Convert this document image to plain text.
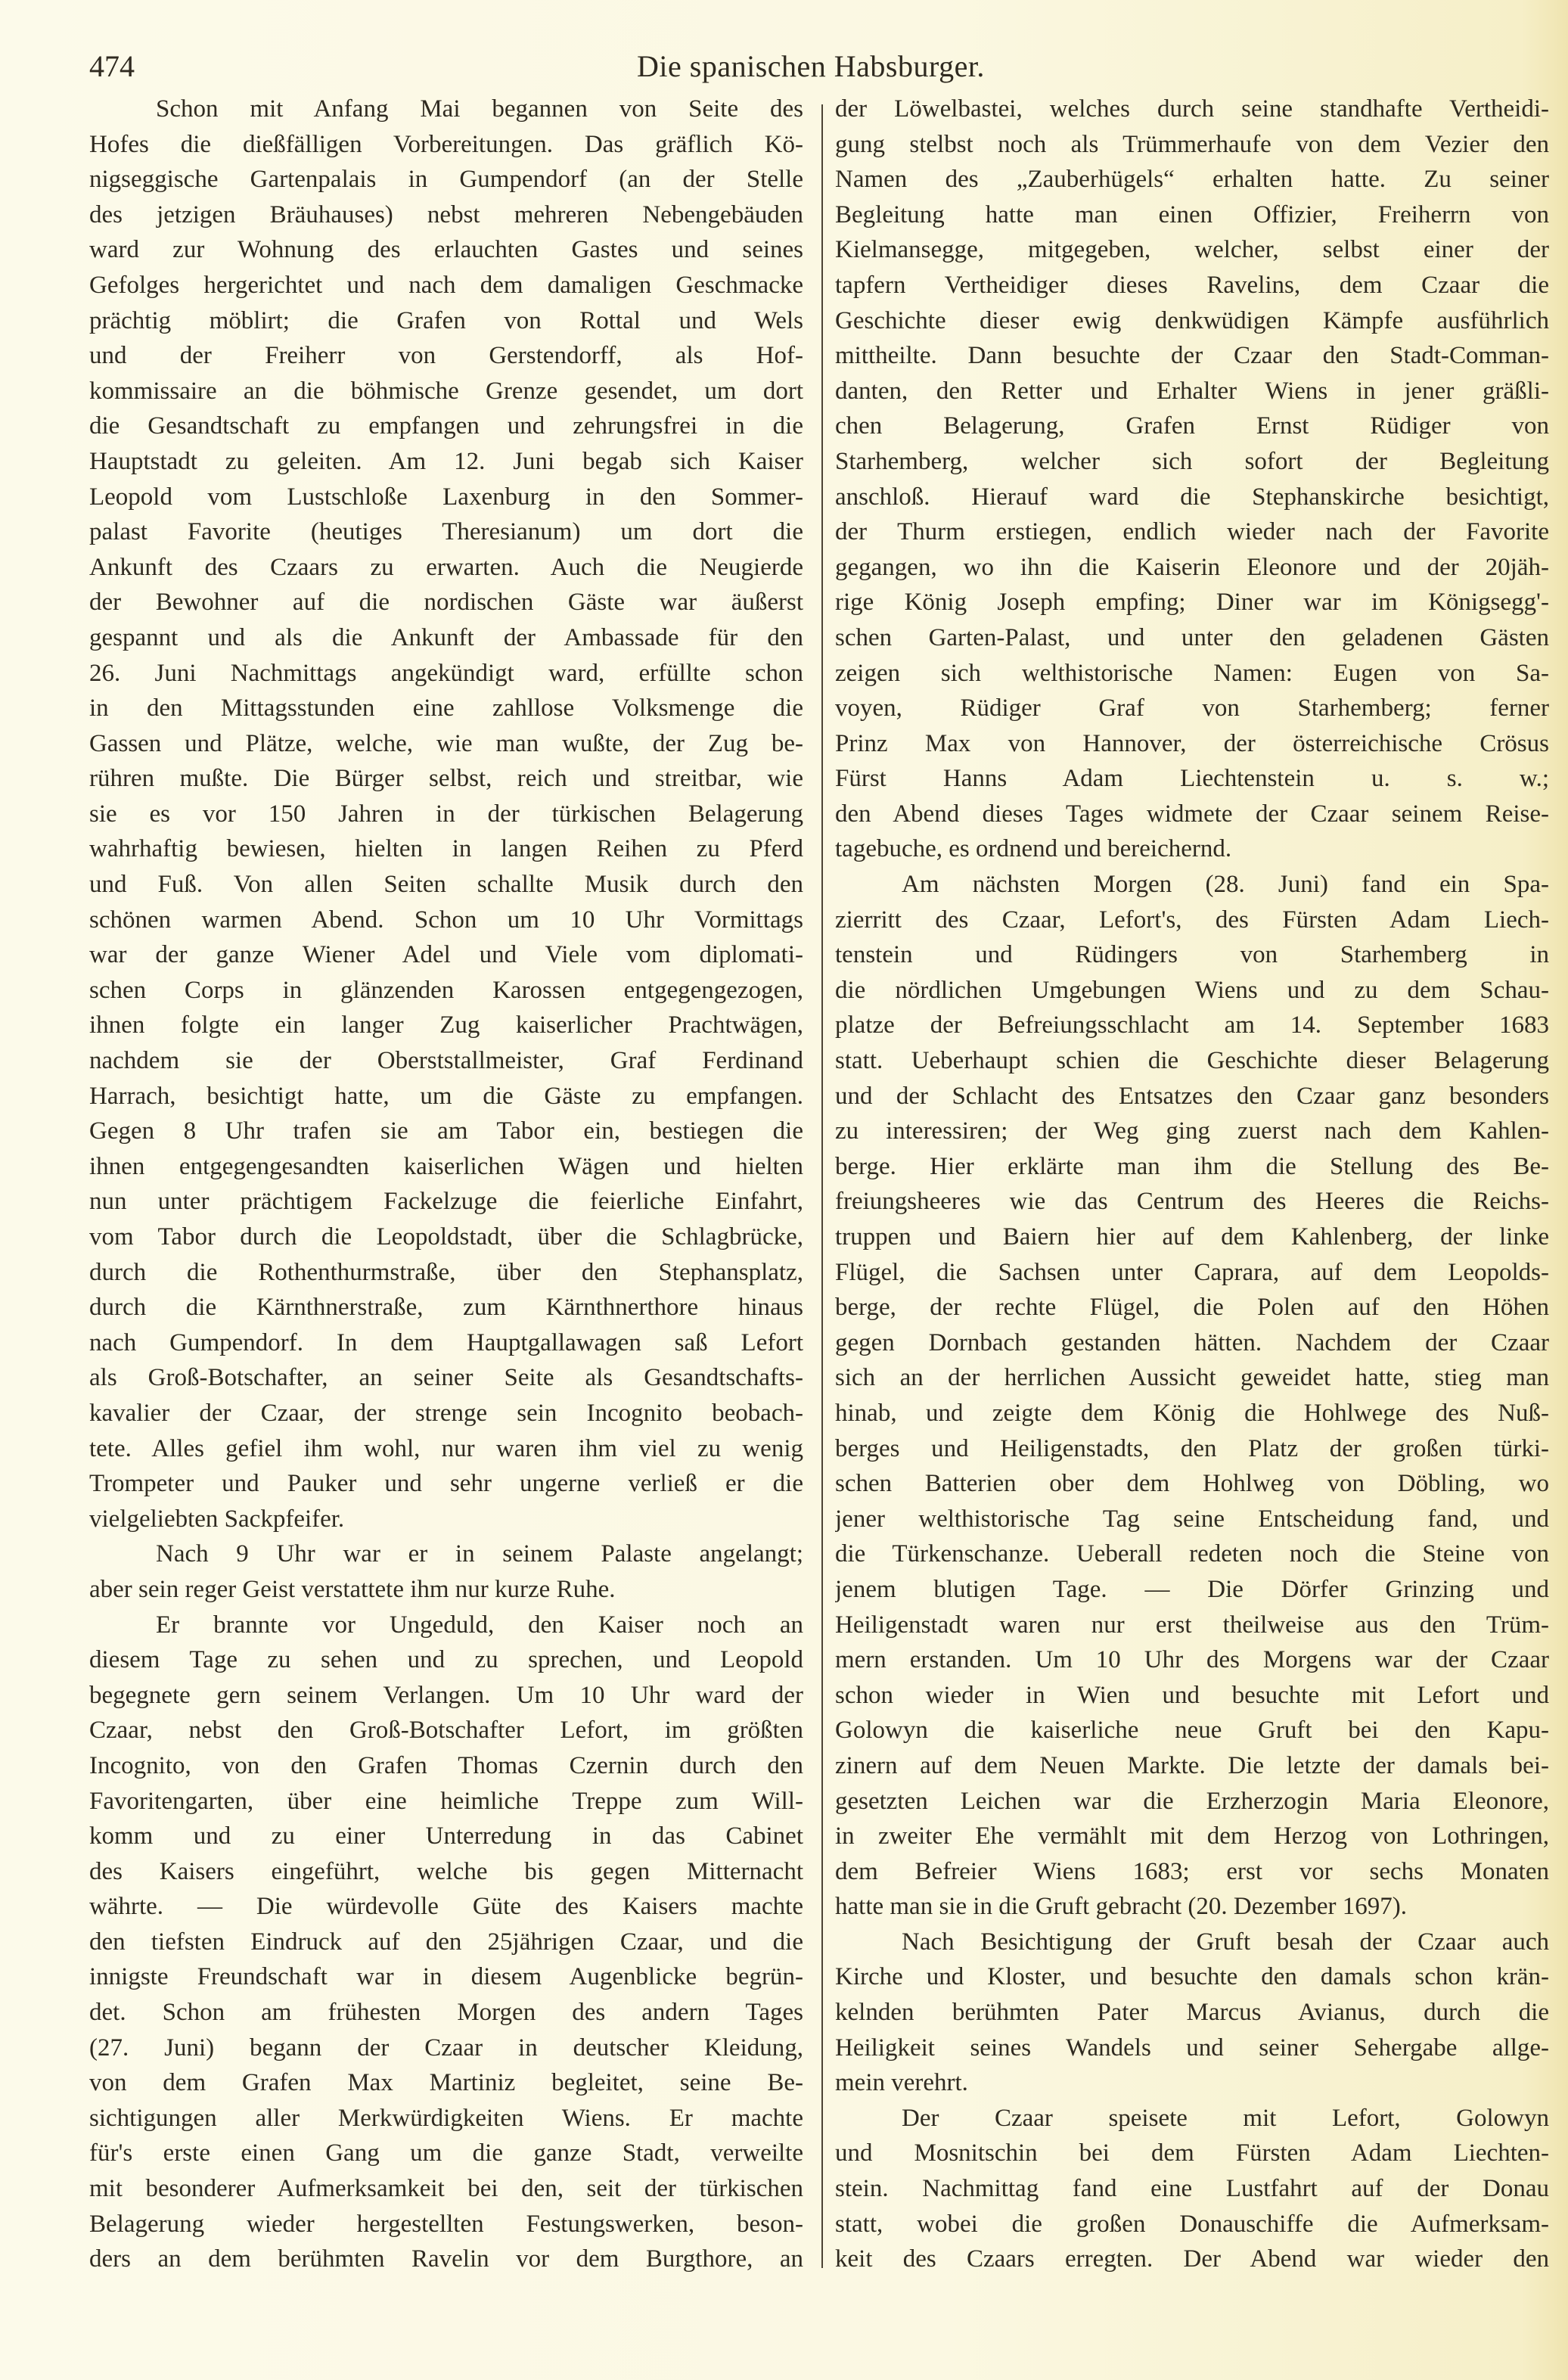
474	Die spanischen Habsburger.
Schon mit Anfang Mai begannen von Seite des
Hofes die dießfälligen Vorbereitungen. Das gräflich Kö-
nigseggische Gartenpalais in Gumpendorf (an der Stelle
des jetzigen Bräuhauses) nebst mehreren Nebengebäuden
ward zur Wohnung des erlauchten Gastes und seines
Gefolges hergerichtet und nach dem damaligen Geschmacke
prächtig möblirt; die Grafen von Rottal und Wels
und der Freiherr von Gerstendorff, als Hof-
kommissaire an die böhmische Grenze gesendet, um dort
die Gesandtschaft zu empfangen und zehrungsfrei in die
Hauptstadt zu geleiten. Am 12. Juni begab sich Kaiser
Leopold vom Lustschloße Laxenburg in den Sommer-
palast Favorite (heutiges Theresianum) um dort die
Ankunft des Czaars zu erwarten. Auch die Neugierde
der Bewohner auf die nordischen Gäste war äußerst
gespannt und als die Ankunft der Ambassade für den
26. Juni Nachmittags angekündigt ward, erfüllte schon
in den Mittagsstunden eine zahllose Volksmenge die
Gassen und Plätze, welche, wie man wußte, der Zug be-
rühren mußte. Die Bürger selbst, reich und streitbar, wie
sie es vor 150 Jahren in der türkischen Belagerung
wahrhaftig bewiesen, hielten in langen Reihen zu Pferd
und Fuß. Von allen Seiten schallte Musik durch den
schönen warmen Abend. Schon um 10 Uhr Vormittags
war der ganze Wiener Adel und Viele vom diplomati-
schen Corps in glänzenden Karossen entgegengezogen,
ihnen folgte ein langer Zug kaiserlicher Prachtwägen,
nachdem sie der Oberststallmeister, Graf Ferdinand
Harrach, besichtigt hatte, um die Gäste zu empfangen.
Gegen 8 Uhr trafen sie am Tabor ein, bestiegen die
ihnen entgegengesandten kaiserlichen Wägen und hielten
nun unter prächtigem Fackelzuge die feierliche Einfahrt,
vom Tabor durch die Leopoldstadt, über die Schlagbrücke,
durch die Rothenthurmstraße, über den Stephansplatz,
durch die Kärnthnerstraße, zum Kärnthnerthore hinaus
nach Gumpendorf. In dem Hauptgallawagen saß Lefort
als Groß-Botschafter, an seiner Seite als Gesandtschafts-
kavalier der Czaar, der strenge sein Incognito beobach-
tete. Alles gefiel ihm wohl, nur waren ihm viel zu wenig
Trompeter und Pauker und sehr ungerne verließ er die
vielgeliebten Sackpfeifer.
Nach 9 Uhr war er in seinem Palaste angelangt;
aber sein reger Geist verstattete ihm nur kurze Ruhe.
Er brannte vor Ungeduld, den Kaiser noch an
diesem Tage zu sehen und zu sprechen, und Leopold
begegnete gern seinem Verlangen. Um 10 Uhr ward der
Czaar, nebst den Groß-Botschafter Lefort, im größten
Incognito, von den Grafen Thomas Czernin durch den
Favoritengarten, über eine heimliche Treppe zum Will-
komm und zu einer Unterredung in das Cabinet
des Kaisers eingeführt, welche bis gegen Mitternacht
währte. — Die würdevolle Güte des Kaisers machte
den tiefsten Eindruck auf den 25jährigen Czaar, und die
innigste Freundschaft war in diesem Augenblicke begrün-
det. Schon am frühesten Morgen des andern Tages
(27. Juni) begann der Czaar in deutscher Kleidung,
von dem Grafen Max Martiniz begleitet, seine Be-
sichtigungen aller Merkwürdigkeiten Wiens. Er machte
für's erste einen Gang um die ganze Stadt, verweilte
mit besonderer Aufmerksamkeit bei den, seit der türkischen
Belagerung wieder hergestellten Festungswerken, beson-
ders an dem berühmten Ravelin vor dem Burgthore, an
der Löwelbastei, welches durch seine standhafte Vertheidi-
gung stelbst noch als Trümmerhaufe von dem Vezier den
Namen des „Zauberhügels“ erhalten hatte. Zu seiner
Begleitung hatte man einen Offizier, Freiherrn von
Kielmansegge, mitgegeben, welcher, selbst einer der
tapfern Vertheidiger dieses Ravelins, dem Czaar die
Geschichte dieser ewig denkwüdigen Kämpfe ausführlich
mittheilte. Dann besuchte der Czaar den Stadt-Comman-
danten, den Retter und Erhalter Wiens in jener gräßli-
chen Belagerung, Grafen Ernst Rüdiger von
Starhemberg, welcher sich sofort der Begleitung
anschloß. Hierauf ward die Stephanskirche besichtigt,
der Thurm erstiegen, endlich wieder nach der Favorite
gegangen, wo ihn die Kaiserin Eleonore und der 20jäh-
rige König Joseph empfing; Diner war im Königsegg'-
schen Garten-Palast, und unter den geladenen Gästen
zeigen sich welthistorische Namen: Eugen von Sa-
voyen, Rüdiger Graf von Starhemberg; ferner
Prinz Max von Hannover, der österreichische Crösus
Fürst Hanns Adam Liechtenstein u. s. w.;
den Abend dieses Tages widmete der Czaar seinem Reise-
tagebuche, es ordnend und bereichernd.
Am nächsten Morgen (28. Juni) fand ein Spa-
zierritt des Czaar, Lefort's, des Fürsten Adam Liech-
tenstein und Rüdingers von Starhemberg in
die nördlichen Umgebungen Wiens und zu dem Schau-
platze der Befreiungsschlacht am 14. September 1683
statt. Ueberhaupt schien die Geschichte dieser Belagerung
und der Schlacht des Entsatzes den Czaar ganz besonders
zu interessiren; der Weg ging zuerst nach dem Kahlen-
berge. Hier erklärte man ihm die Stellung des Be-
freiungsheeres wie das Centrum des Heeres die Reichs-
truppen und Baiern hier auf dem Kahlenberg, der linke
Flügel, die Sachsen unter Caprara, auf dem Leopolds-
berge, der rechte Flügel, die Polen auf den Höhen
gegen Dornbach gestanden hätten. Nachdem der Czaar
sich an der herrlichen Aussicht geweidet hatte, stieg man
hinab, und zeigte dem König die Hohlwege des Nuß-
berges und Heiligenstadts, den Platz der großen türki-
schen Batterien ober dem Hohlweg von Döbling, wo
jener welthistorische Tag seine Entscheidung fand, und
die Türkenschanze. Ueberall redeten noch die Steine von
jenem blutigen Tage. — Die Dörfer Grinzing und
Heiligenstadt waren nur erst theilweise aus den Trüm-
mern erstanden. Um 10 Uhr des Morgens war der Czaar
schon wieder in Wien und besuchte mit Lefort und
Golowyn die kaiserliche neue Gruft bei den Kapu-
zinern auf dem Neuen Markte. Die letzte der damals bei-
gesetzten Leichen war die Erzherzogin Maria Eleonore,
in zweiter Ehe vermählt mit dem Herzog von Lothringen,
dem Befreier Wiens 1683; erst vor sechs Monaten
hatte man sie in die Gruft gebracht (20. Dezember 1697).
Nach Besichtigung der Gruft besah der Czaar auch
Kirche und Kloster, und besuchte den damals schon krän-
kelnden berühmten Pater Marcus Avianus, durch die
Heiligkeit seines Wandels und seiner Sehergabe allge-
mein verehrt.
Der Czaar speisete mit Lefort, Golowyn
und Mosnitschin bei dem Fürsten Adam Liechten-
stein. Nachmittag fand eine Lustfahrt auf der Donau
statt, wobei die großen Donauschiffe die Aufmerksam-
keit des Czaars erregten. Der Abend war wieder den
